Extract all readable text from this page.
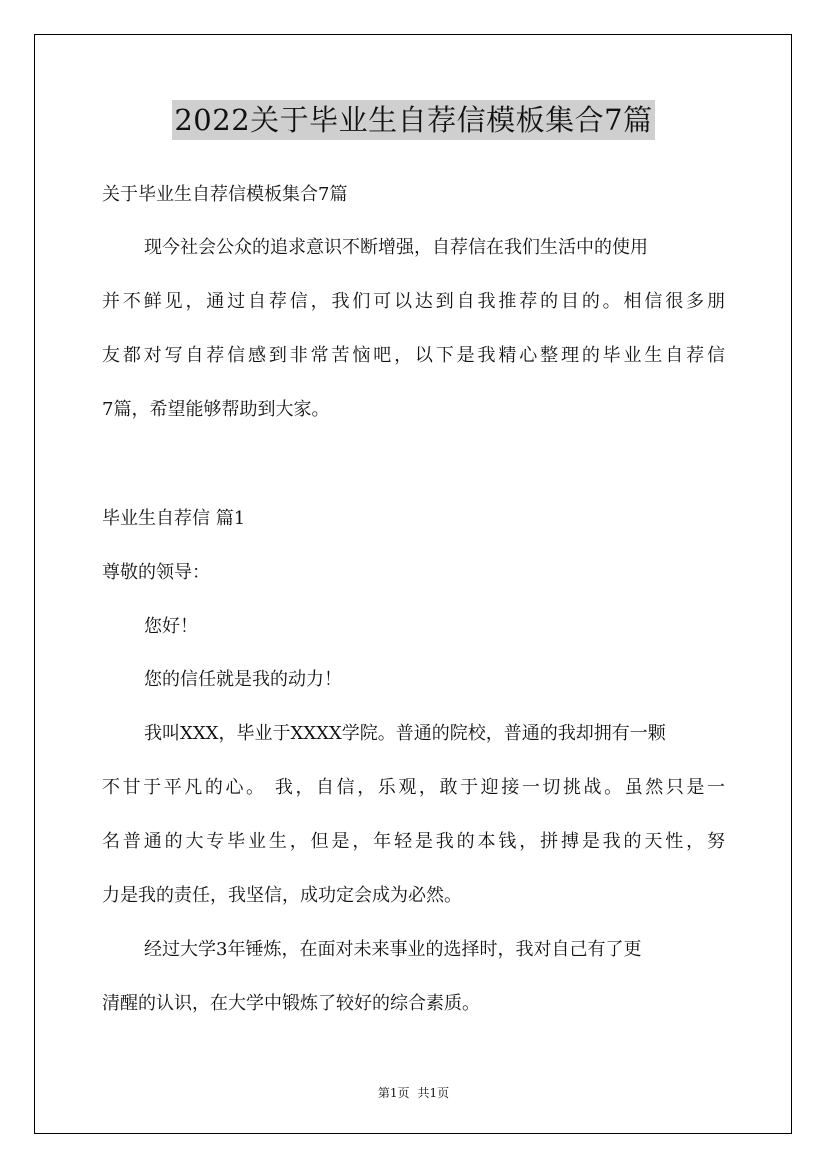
2022关于毕业生自荐信模板集合7篇
关于毕业生自荐信模板集合7篇
现今社会公众的追求意识不断增强，自荐信在我们生活中的使用
并不鲜见，通过自荐信，我们可以达到自我推荐的目的。相信很多朋
友都对写自荐信感到非常苦恼吧，以下是我精心整理的毕业生自荐信
7篇，希望能够帮助到大家。
毕业生自荐信 篇1
尊敬的领导：
您好！
您的信任就是我的动力！
我叫XXX，毕业于XXXX学院。普通的院校，普通的我却拥有一颗
不甘于平凡的心。 我，自信，乐观，敢于迎接一切挑战。虽然只是一
名普通的大专毕业生，但是，年轻是我的本钱，拼搏是我的天性，努
力是我的责任，我坚信，成功定会成为必然。
经过大学3年锤炼，在面对未来事业的选择时，我对自己有了更
清醒的认识，在大学中锻炼了较好的综合素质。
第1页 共1页
